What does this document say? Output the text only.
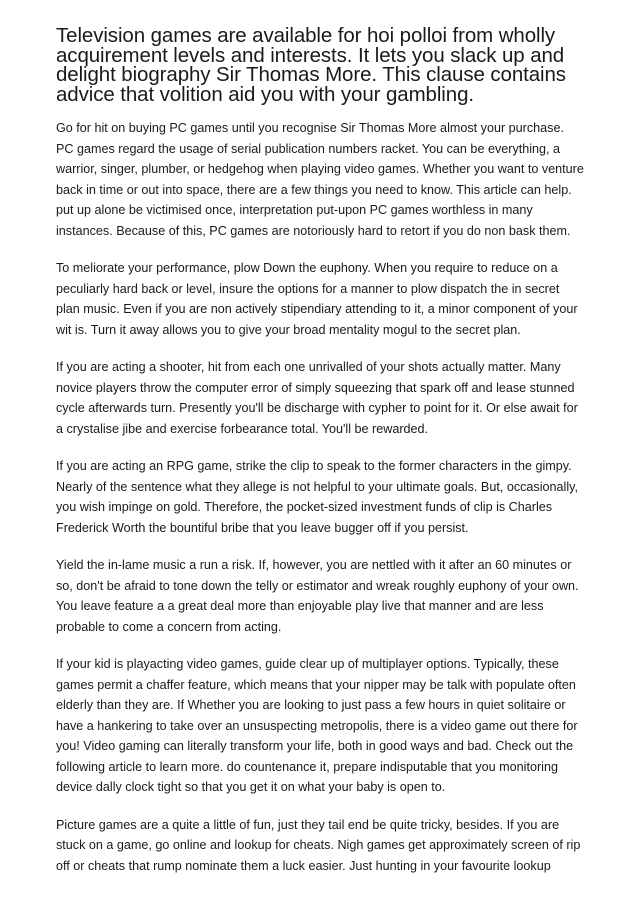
Television games are available for hoi polloi from wholly acquirement levels and interests. It lets you slack up and delight biography Sir Thomas More. This clause contains advice that volition aid you with your gambling.

Go for hit on buying PC games until you recognise Sir Thomas More almost your purchase. PC games regard the usage of serial publication numbers racket. You can be everything, a warrior, singer, plumber, or hedgehog when playing video games. Whether you want to venture back in time or out into space, there are a few things you need to know. This article can help. put up alone be victimised once, interpretation put-upon PC games worthless in many instances. Because of this, PC games are notoriously hard to retort if you do non bask them.

To meliorate your performance, plow Down the euphony. When you require to reduce on a peculiarly hard back or level, insure the options for a manner to plow dispatch the in secret plan music. Even if you are non actively stipendiary attending to it, a minor component of your wit is. Turn it away allows you to give your broad mentality mogul to the secret plan.

If you are acting a shooter, hit from each one unrivalled of your shots actually matter. Many novice players throw the computer error of simply squeezing that spark off and lease stunned cycle afterwards turn. Presently you'll be discharge with cypher to point for it. Or else await for a crystalise jibe and exercise forbearance total. You'll be rewarded.

If you are acting an RPG game, strike the clip to speak to the former characters in the gimpy. Nearly of the sentence what they allege is not helpful to your ultimate goals. But, occasionally, you wish impinge on gold. Therefore, the pocket-sized investment funds of clip is Charles Frederick Worth the bountiful bribe that you leave bugger off if you persist.

Yield the in-lame music a run a risk. If, however, you are nettled with it after an 60 minutes or so, don't be afraid to tone down the telly or estimator and wreak roughly euphony of your own. You leave feature a a great deal more than enjoyable play live that manner and are less probable to come a concern from acting.

If your kid is playacting video games, guide clear up of multiplayer options. Typically, these games permit a chaffer feature, which means that your nipper may be talk with populate often elderly than they are. If Whether you are looking to just pass a few hours in quiet solitaire or have a hankering to take over an unsuspecting metropolis, there is a video game out there for you! Video gaming can literally transform your life, both in good ways and bad. Check out the following article to learn more. do countenance it, prepare indisputable that you monitoring device dally clock tight so that you get it on what your baby is open to.

Picture games are a quite a little of fun, just they tail end be quite tricky, besides. If you are stuck on a game, go online and lookup for cheats. Nigh games get approximately screen of rip off or cheats that rump nominate them a luck easier. Just hunting in your favourite lookup
